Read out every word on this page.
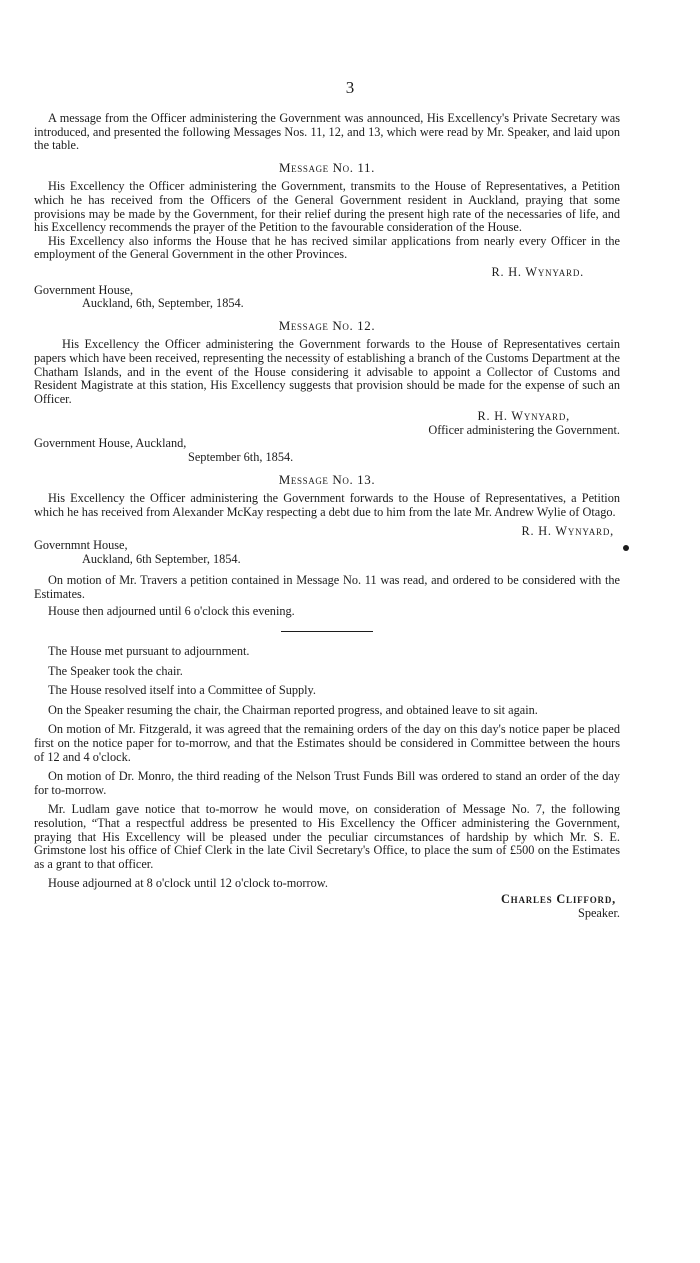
3

A message from the Officer administering the Government was announced, His Excellency's Private Secretary was introduced, and presented the following Messages Nos. 11, 12, and 13, which were read by Mr. Speaker, and laid upon the table.

Message No. 11.

His Excellency the Officer administering the Government, transmits to the House of Representatives, a Petition which he has received from the Officers of the General Government resident in Auckland, praying that some provisions may be made by the Government, for their relief during the present high rate of the necessaries of life, and his Excellency recommends the prayer of the Petition to the favourable consideration of the House.

His Excellency also informs the House that he has recived similar applications from nearly every Officer in the employment of the General Government in the other Provinces.

R. H. Wynyard.
Government House,
Auckland, 6th, September, 1854.
Message No. 12.

His Excellency the Officer administering the Government forwards to the House of Representatives certain papers which have been received, representing the necessity of establishing a branch of the Customs Department at the Chatham Islands, and in the event of the House considering it advisable to appoint a Collector of Customs and Resident Magistrate at this station, His Excellency suggests that provision should be made for the expense of such an Officer.

R. H. Wynyard,
Officer administering the Government.
Government House, Auckland,
September 6th, 1854.
Message No. 13.

His Excellency the Officer administering the Government forwards to the House of Representatives, a Petition which he has received from Alexander McKay respecting a debt due to him from the late Mr. Andrew Wylie of Otago.

R. H. Wynyard,
Governmnt House,
Auckland, 6th September, 1854.

On motion of Mr. Travers a petition contained in Message No. 11 was read, and ordered to be considered with the Estimates.

House then adjourned until 6 o'clock this evening.

The House met pursuant to adjournment.

The Speaker took the chair.

The House resolved itself into a Committee of Supply.

On the Speaker resuming the chair, the Chairman reported progress, and obtained leave to sit again.

On motion of Mr. Fitzgerald, it was agreed that the remaining orders of the day on this day's notice paper be placed first on the notice paper for to-morrow, and that the Estimates should be considered in Committee between the hours of 12 and 4 o'clock.

On motion of Dr. Monro, the third reading of the Nelson Trust Funds Bill was ordered to stand an order of the day for to-morrow.

Mr. Ludlam gave notice that to-morrow he would move, on consideration of Message No. 7, the following resolution, “That a respectful address be presented to His Excellency the Officer administering the Government, praying that His Excellency will be pleased under the peculiar circumstances of hardship by which Mr. S. E. Grimstone lost his office of Chief Clerk in the late Civil Secretary's Office, to place the sum of £500 on the Estimates as a grant to that officer.

House adjourned at 8 o'clock until 12 o'clock to-morrow.

Charles Clifford,
Speaker.
